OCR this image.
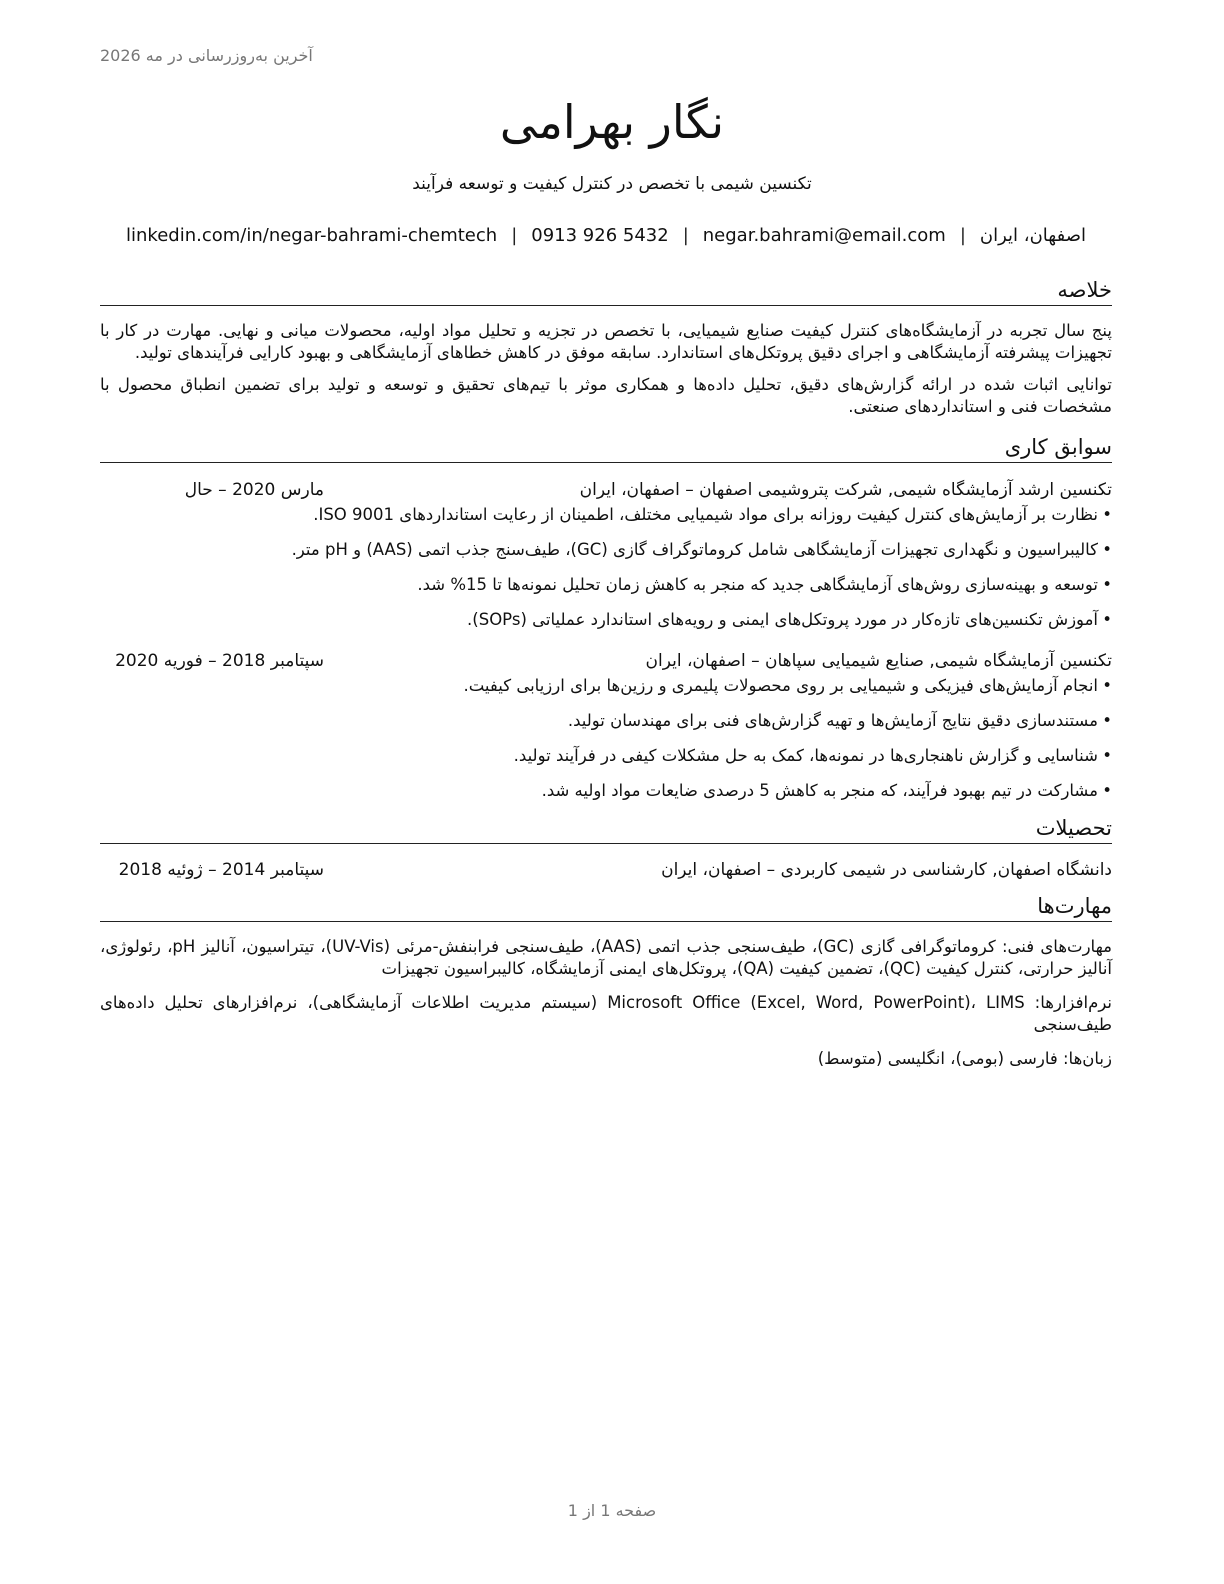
آخرین به‌روزرسانی در مه 2026
نگار بهرامی
تکنسین شیمی با تخصص در کنترل کیفیت و توسعه فرآیند
اصفهان، ایران
|
negar.bahrami@email.com
|
0913 926 5432
|
linkedin.com/in/negar-bahrami-chemtech
خلاصه

پنج سال تجربه در آزمایشگاه‌های کنترل کیفیت صنایع شیمیایی، با تخصص در تجزیه و تحلیل مواد اولیه، محصولات میانی و نهایی. مهارت در کار با تجهیزات پیشرفته آزمایشگاهی و اجرای دقیق پروتکل‌های استاندارد. سابقه موفق در کاهش خطاهای آزمایشگاهی و بهبود کارایی فرآیندهای تولید.

توانایی اثبات شده در ارائه گزارش‌های دقیق، تحلیل داده‌ها و همکاری موثر با تیم‌های تحقیق و توسعه و تولید برای تضمین انطباق محصول با مشخصات فنی و استانداردهای صنعتی.

سوابق کاری
تکنسین ارشد آزمایشگاه شیمی, شرکت پتروشیمی اصفهان – اصفهان، ایران
مارس 2020 – حال
•
نظارت بر آزمایش‌های کنترل کیفیت روزانه برای مواد شیمیایی مختلف، اطمینان از رعایت استانداردهای ISO 9001.
•
کالیبراسیون و نگهداری تجهیزات آزمایشگاهی شامل کروماتوگراف گازی (GC)، طیف‌سنج جذب اتمی (AAS) و pH متر.
•
توسعه و بهینه‌سازی روش‌های آزمایشگاهی جدید که منجر به کاهش زمان تحلیل نمونه‌ها تا 15% شد.
•
آموزش تکنسین‌های تازه‌کار در مورد پروتکل‌های ایمنی و رویه‌های استاندارد عملیاتی (SOPs).
تکنسین آزمایشگاه شیمی, صنایع شیمیایی سپاهان – اصفهان، ایران
سپتامبر 2018 – فوریه 2020
•
انجام آزمایش‌های فیزیکی و شیمیایی بر روی محصولات پلیمری و رزین‌ها برای ارزیابی کیفیت.
•
مستندسازی دقیق نتایج آزمایش‌ها و تهیه گزارش‌های فنی برای مهندسان تولید.
•
شناسایی و گزارش ناهنجاری‌ها در نمونه‌ها، کمک به حل مشکلات کیفی در فرآیند تولید.
•
مشارکت در تیم بهبود فرآیند، که منجر به کاهش 5 درصدی ضایعات مواد اولیه شد.
تحصیلات
دانشگاه اصفهان, کارشناسی در شیمی کاربردی – اصفهان، ایران
سپتامبر 2014 – ژوئیه 2018
مهارت‌ها

مهارت‌های فنی: کروماتوگرافی گازی (GC)، طیف‌سنجی جذب اتمی (AAS)، طیف‌سنجی فرابنفش-مرئی (UV-Vis)، تیتراسیون، آنالیز pH، رئولوژی، آنالیز حرارتی، کنترل کیفیت (QC)، تضمین کیفیت (QA)، پروتکل‌های ایمنی آزمایشگاه، کالیبراسیون تجهیزات

نرم‌افزارها: Microsoft Office (Excel, Word, PowerPoint)، LIMS (سیستم مدیریت اطلاعات آزمایشگاهی)، نرم‌افزارهای تحلیل داده‌های طیف‌سنجی

زبان‌ها: فارسی (بومی)، انگلیسی (متوسط)

صفحه 1 از 1
